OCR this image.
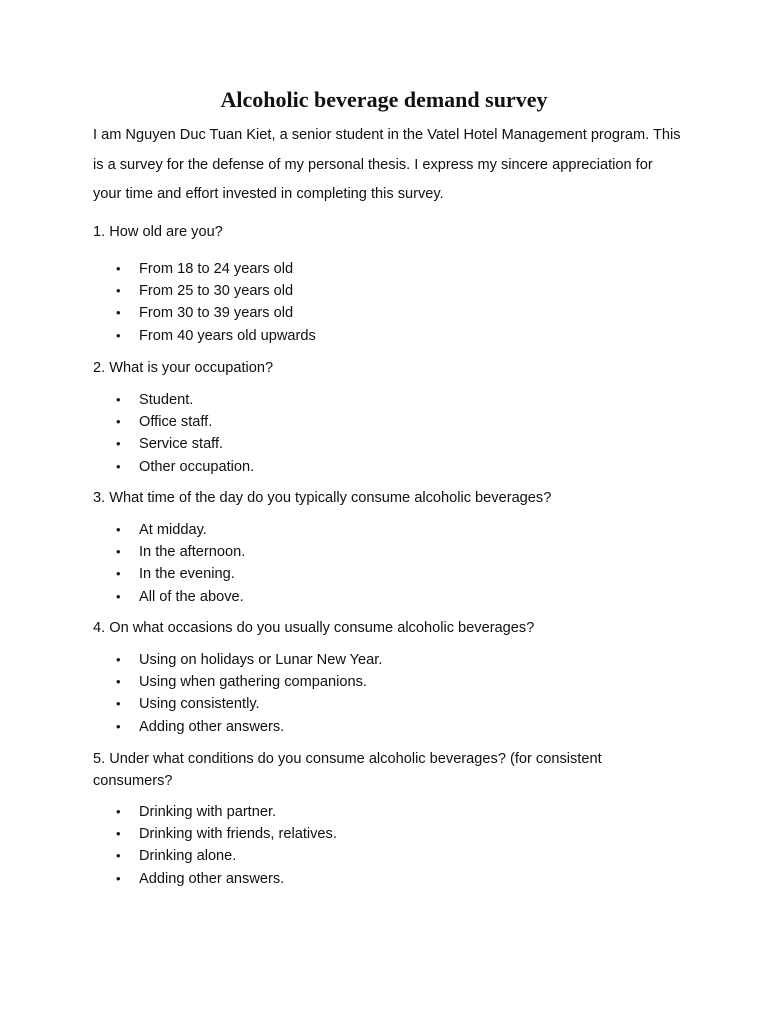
Alcoholic beverage demand survey

I am Nguyen Duc Tuan Kiet, a senior student in the Vatel Hotel Management program. This is a survey for the defense of my personal thesis. I express my sincere appreciation for your time and effort invested in completing this survey.

1. How old are you?

• From 18 to 24 years old
• From 25 to 30 years old
• From 30 to 39 years old
• From 40 years old upwards

2. What is your occupation?

• Student.
• Office staff.
• Service staff.
• Other occupation.

3. What time of the day do you typically consume alcoholic beverages?

• At midday.
• In the afternoon.
• In the evening.
• All of the above.

4. On what occasions do you usually consume alcoholic beverages?

• Using on holidays or Lunar New Year.
• Using when gathering companions.
• Using consistently.
• Adding other answers.

5. Under what conditions do you consume alcoholic beverages? (for consistent consumers?

• Drinking with partner.
• Drinking with friends, relatives.
• Drinking alone.
• Adding other answers.
